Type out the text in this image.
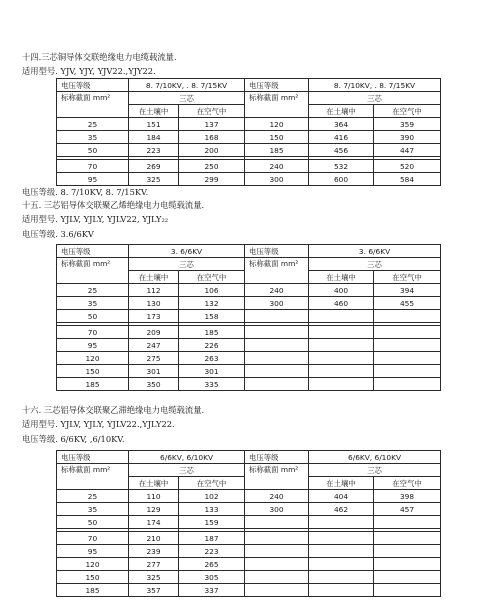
十四.三芯铜导体交联绝缘电力电缆载流量.
适用型号. YJV, YJY, YJV22.,YJY22.
电压等级	8. 7/10KV, . 8. 7/15KV		电压等级	8. 7/10KV, . 8. 7/15KV	
标称截面 mm²	三芯		标称截面 mm²	三芯	
	在土壤中	在空气中		在土壤中	在空气中
25	151	137	120	364	359
35	184	168	150	416	390
50	223	200	185	456	447

70	269	250	240	532	520
95	325	299	300	600	584
电压等级. 8. 7/10KV, 8. 7/15KV.
十五. 三芯铝导体交联聚乙烯绝缘电力电缆载流量.
适用型号. YJLV, YJLY, YJLV22, YJLY₂₂
电压等级. 3.6/6KV
电压等级	3. 6/6KV		电压等级	3. 6/6KV	
标称截面 mm²	三芯		标称截面 mm²	三芯	
	在土壤中	在空气中		在土壤中	在空气中
25	112	106	240	400	394
35	130	132	300	460	455
50	173	158			

70	209	185			
95	247	226			
120	275	263			
150	301	301			
185	350	335			
十六. 三芯铝导体交联聚乙滞绝缘电力电缆载流量.
适用型号. YJLV, YJLY, YJLV22.,YJLY22.
电压等级. 6/6KV, ,6/10KV.
电压等级	6/6KV, 6/10KV		电压等级	6/6KV, 6/10KV	
标称截面 mm²	三芯		标称截面 mm²	三芯	
	在土壤中	在空气中		在土壤中	在空气中
25	110	102	240	404	398
35	129	133	300	462	457
50	174	159			

70	210	187			
95	239	223			
120	277	265			
150	325	305			
185	357	337			
